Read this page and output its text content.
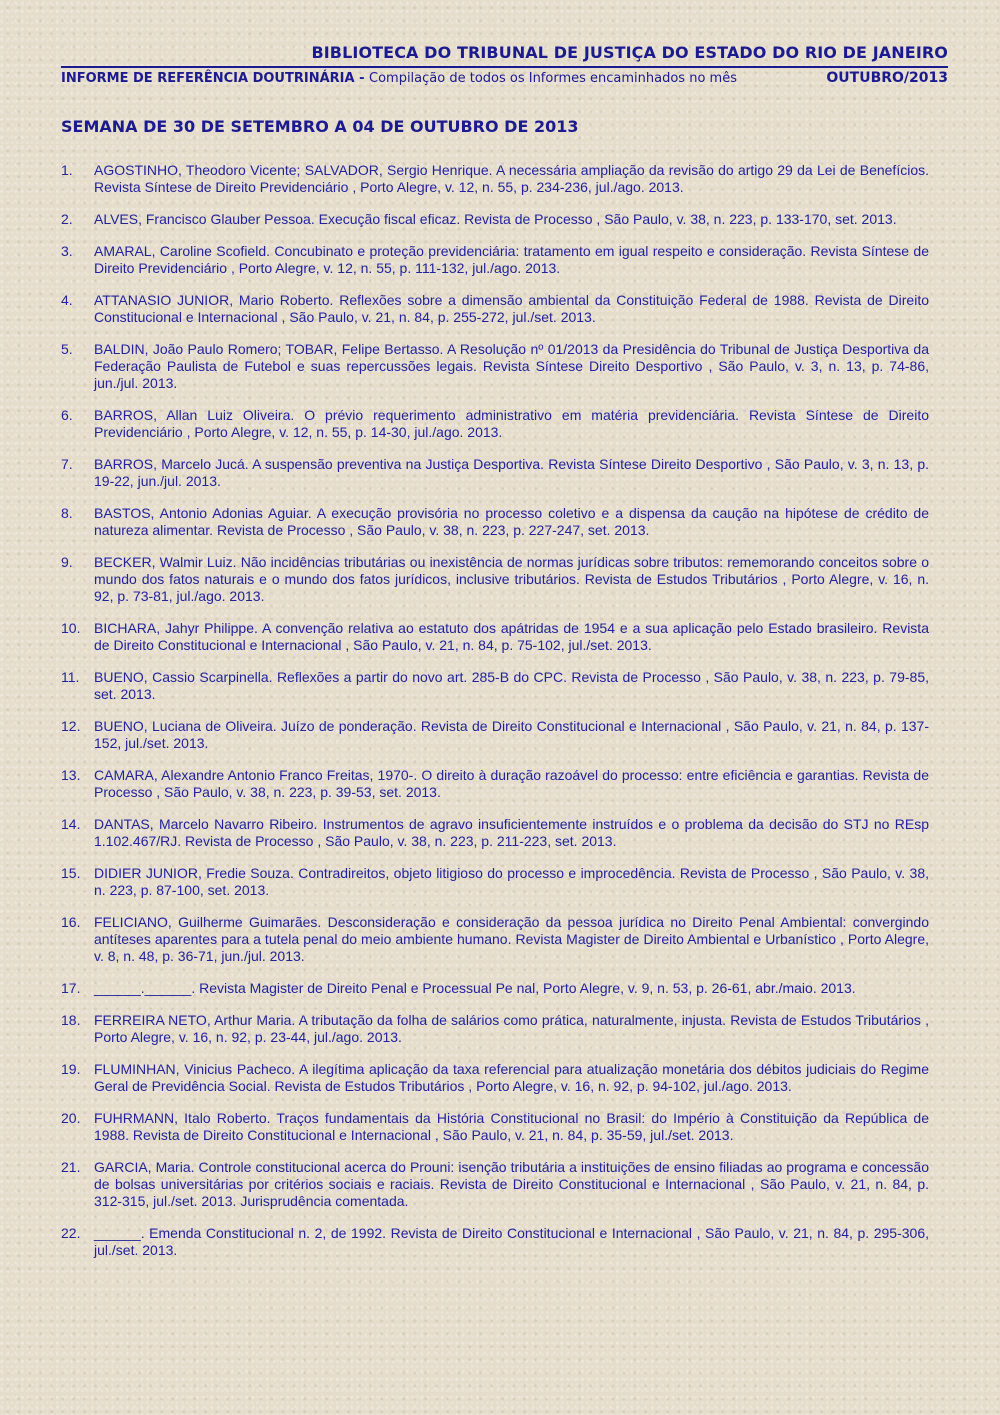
BIBLIOTECA DO TRIBUNAL DE JUSTIÇA DO ESTADO DO RIO DE JANEIRO
INFORME DE REFERÊNCIA DOUTRINÁRIA - Compilação de todos os Informes encaminhados no mês	OUTUBRO/2013
SEMANA DE 30 DE SETEMBRO A 04 DE OUTUBRO DE 2013
1.	AGOSTINHO, Theodoro Vicente; SALVADOR, Sergio Henrique. A necessária ampliação da revisão do artigo 29 da Lei de Benefícios. Revista Síntese de Direito Previdenciário , Porto Alegre, v. 12, n. 55, p. 234-236, jul./ago. 2013.
2.	ALVES, Francisco Glauber Pessoa. Execução fiscal eficaz. Revista de Processo , São Paulo, v. 38, n. 223, p. 133-170, set. 2013.
3.	AMARAL, Caroline Scofield. Concubinato e proteção previdenciária: tratamento em igual respeito e consideração. Revista Síntese de Direito Previdenciário , Porto Alegre, v. 12, n. 55, p. 111-132, jul./ago. 2013.
4.	ATTANASIO JUNIOR, Mario Roberto. Reflexões sobre a dimensão ambiental da Constituição Federal de 1988. Revista de Direito Constitucional e Internacional , São Paulo, v. 21, n. 84, p. 255-272, jul./set. 2013.
5.	BALDIN, João Paulo Romero; TOBAR, Felipe Bertasso. A Resolução nº 01/2013 da Presidência do Tribunal de Justiça Desportiva da Federação Paulista de Futebol e suas repercussões legais. Revista Síntese Direito Desportivo , São Paulo, v. 3, n. 13, p. 74-86, jun./jul. 2013.
6.	BARROS, Allan Luiz Oliveira. O prévio requerimento administrativo em matéria previdenciária. Revista Síntese de Direito Previdenciário , Porto Alegre, v. 12, n. 55, p. 14-30, jul./ago. 2013.
7.	BARROS, Marcelo Jucá. A suspensão preventiva na Justiça Desportiva. Revista Síntese Direito Desportivo , São Paulo, v. 3, n. 13, p. 19-22, jun./jul. 2013.
8.	BASTOS, Antonio Adonias Aguiar. A execução provisória no processo coletivo e a dispensa da caução na hipótese de crédito de natureza alimentar. Revista de Processo , São Paulo, v. 38, n. 223, p. 227-247, set. 2013.
9.	BECKER, Walmir Luiz. Não incidências tributárias ou inexistência de normas jurídicas sobre tributos: rememorando conceitos sobre o mundo dos fatos naturais e o mundo dos fatos jurídicos, inclusive tributários. Revista de Estudos Tributários , Porto Alegre, v. 16, n. 92, p. 73-81, jul./ago. 2013.
10. BICHARA, Jahyr Philippe. A convenção relativa ao estatuto dos apátridas de 1954 e a sua aplicação pelo Estado brasileiro. Revista de Direito Constitucional e Internacional , São Paulo, v. 21, n. 84, p. 75-102, jul./set. 2013.
11.	BUENO, Cassio Scarpinella. Reflexões a partir do novo art. 285-B do CPC. Revista de Processo , São Paulo, v. 38, n. 223, p. 79-85, set. 2013.
12. BUENO, Luciana de Oliveira. Juízo de ponderação. Revista de Direito Constitucional e Internacional , São Paulo, v. 21, n. 84, p. 137-152, jul./set. 2013.
13. CAMARA, Alexandre Antonio Franco Freitas, 1970-. O direito à duração razoável do processo: entre eficiência e garantias. Revista de Processo , São Paulo, v. 38, n. 223, p. 39-53, set. 2013.
14. DANTAS, Marcelo Navarro Ribeiro. Instrumentos de agravo insuficientemente instruídos e o problema da decisão do STJ no REsp 1.102.467/RJ. Revista de Processo , São Paulo, v. 38, n. 223, p. 211-223, set. 2013.
15. DIDIER JUNIOR, Fredie Souza. Contradireitos, objeto litigioso do processo e improcedência. Revista de Processo , São Paulo, v. 38, n. 223, p. 87-100, set. 2013.
16. FELICIANO, Guilherme Guimarães. Desconsideração e consideração da pessoa jurídica no Direito Penal Ambiental: convergindo antíteses aparentes para a tutela penal do meio ambiente humano. Revista Magister de Direito Ambiental e Urbanístico , Porto Alegre, v. 8, n. 48, p. 36-71, jun./jul. 2013.
17. ______.______. Revista Magister de Direito Penal e Processual Pe nal, Porto Alegre, v. 9, n. 53, p. 26-61, abr./maio. 2013.
18. FERREIRA NETO, Arthur Maria. A tributação da folha de salários como prática, naturalmente, injusta. Revista de Estudos Tributários , Porto Alegre, v. 16, n. 92, p. 23-44, jul./ago. 2013.
19. FLUMINHAN, Vinicius Pacheco. A ilegítima aplicação da taxa referencial para atualização monetária dos débitos judiciais do Regime Geral de Previdência Social. Revista de Estudos Tributários , Porto Alegre, v. 16, n. 92, p. 94-102, jul./ago. 2013.
20. FUHRMANN, Italo Roberto. Traços fundamentais da História Constitucional no Brasil: do Império à Constituição da República de 1988. Revista de Direito Constitucional e Internacional , São Paulo, v. 21, n. 84, p. 35-59, jul./set. 2013.
21. GARCIA, Maria. Controle constitucional acerca do Prouni: isenção tributária a instituições de ensino filiadas ao programa e concessão de bolsas universitárias por critérios sociais e raciais. Revista de Direito Constitucional e Internacional , São Paulo, v. 21, n. 84, p. 312-315, jul./set. 2013. Jurisprudência comentada.
22. ______. Emenda Constitucional n. 2, de 1992. Revista de Direito Constitucional e Internacional , São Paulo, v. 21, n. 84, p. 295-306, jul./set. 2013.
